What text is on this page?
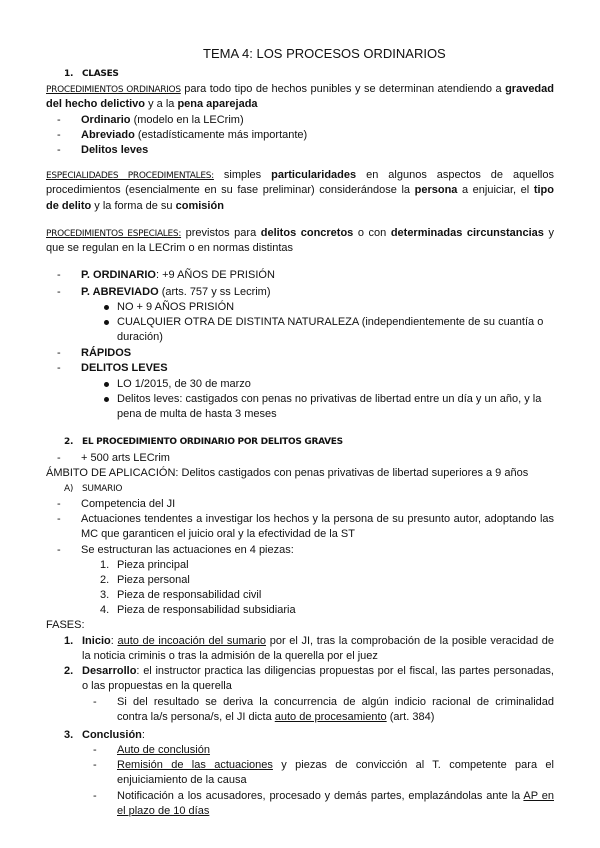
TEMA 4: LOS PROCESOS ORDINARIOS
1. CLASES
PROCEDIMIENTOS ORDINARIOS para todo tipo de hechos punibles y se determinan atendiendo a gravedad
del hecho delictivo y a la pena aparejada
- Ordinario (modelo en la LECrim)
- Abreviado (estadísticamente más importante)
- Delitos leves
ESPECIALIDADES PROCEDIMENTALES: simples particularidades en algunos aspectos de aquellos
procedimientos (esencialmente en su fase preliminar) considerándose la persona a enjuiciar, el tipo
de delito y la forma de su comisión
PROCEDIMIENTOS ESPECIALES: previstos para delitos concretos o con determinadas circunstancias y
que se regulan en la LECrim o en normas distintas
- P. ORDINARIO: +9 AÑOS DE PRISIÓN
- P. ABREVIADO (arts. 757 y ss Lecrim)
NO + 9 AÑOS PRISIÓN
CUALQUIER OTRA DE DISTINTA NATURALEZA (independientemente de su cuantía o
duración)
- RÁPIDOS
- DELITOS LEVES
LO 1/2015, de 30 de marzo
Delitos leves: castigados con penas no privativas de libertad entre un día y un año, y la
pena de multa de hasta 3 meses
2. EL PROCEDIMIENTO ORDINARIO POR DELITOS GRAVES
- + 500 arts LECrim
ÁMBITO DE APLICACIÓN: Delitos castigados con penas privativas de libertad superiores a 9 años
A) SUMARIO
- Competencia del JI
- Actuaciones tendentes a investigar los hechos y la persona de su presunto autor, adoptando las
MC que garanticen el juicio oral y la efectividad de la ST
- Se estructuran las actuaciones en 4 piezas:
1. Pieza principal
2. Pieza personal
3. Pieza de responsabilidad civil
4. Pieza de responsabilidad subsidiaria
FASES:
1. Inicio: auto de incoación del sumario por el JI, tras la comprobación de la posible veracidad de
la noticia criminis o tras la admisión de la querella por el juez
2. Desarrollo: el instructor practica las diligencias propuestas por el fiscal, las partes personadas,
o las propuestas en la querella
- Si del resultado se deriva la concurrencia de algún indicio racional de criminalidad
contra la/s persona/s, el JI dicta auto de procesamiento (art. 384)
3. Conclusión:
- Auto de conclusión
- Remisión de las actuaciones y piezas de convicción al T. competente para el
enjuiciamiento de la causa
- Notificación a los acusadores, procesado y demás partes, emplazándolas ante la AP en
el plazo de 10 días
